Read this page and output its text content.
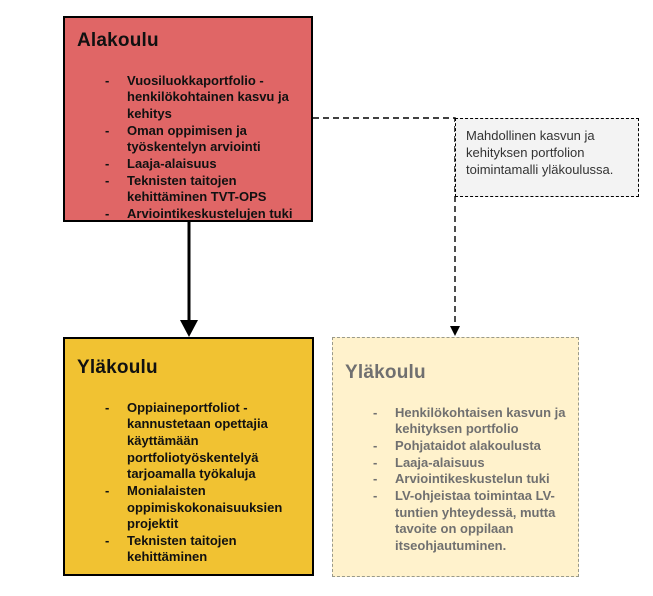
Alakoulu
-	Vuosiluokkaportfolio - henkilökohtainen kasvu ja kehitys
-	Oman oppimisen ja työskentelyn arviointi
-	Laaja-alaisuus
-	Teknisten taitojen kehittäminen TVT-OPS
-	Arviointikeskustelujen tuki
Mahdollinen kasvun ja kehityksen portfolion toimintamalli yläkoulussa.
Yläkoulu
-	Oppiaineportfoliot - kannustetaan opettajia käyttämään portfoliotyöskentelyä tarjoamalla työkaluja
-	Monialaisten oppimiskokonaisuuksien projektit
-	Teknisten taitojen kehittäminen
Yläkoulu
-	Henkilökohtaisen kasvun ja kehityksen portfolio
-	Pohjataidot alakoulusta
-	Laaja-alaisuus
-	Arviointikeskustelun tuki
-	LV-ohjeistaa toimintaa LV-tuntien yhteydessä, mutta tavoite on oppilaan itseohjautuminen.
